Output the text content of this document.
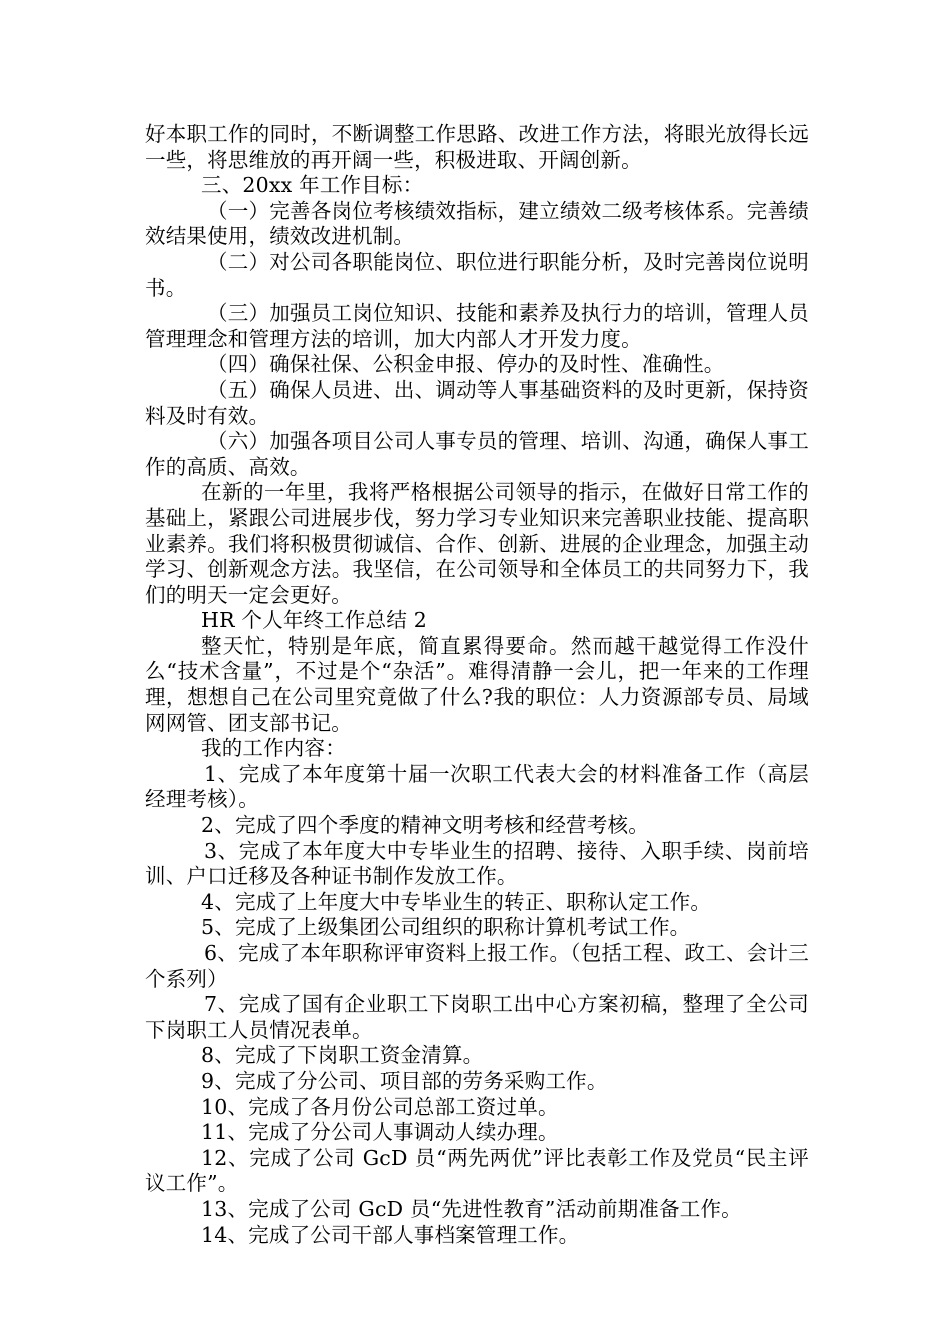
好本职工作的同时，不断调整工作思路、改进工作方法，将眼光放得长远一些，将思维放的再开阔一些，积极进取、开阔创新。

三、20xx 年工作目标：

（一）完善各岗位考核绩效指标，建立绩效二级考核体系。完善绩效结果使用，绩效改进机制。

（二）对公司各职能岗位、职位进行职能分析，及时完善岗位说明书。

（三）加强员工岗位知识、技能和素养及执行力的培训，管理人员管理理念和管理方法的培训，加大内部人才开发力度。

（四）确保社保、公积金申报、停办的及时性、准确性。

（五）确保人员进、出、调动等人事基础资料的及时更新，保持资料及时有效。

（六）加强各项目公司人事专员的管理、培训、沟通，确保人事工作的高质、高效。

在新的一年里，我将严格根据公司领导的指示，在做好日常工作的基础上，紧跟公司进展步伐，努力学习专业知识来完善职业技能、提高职业素养。我们将积极贯彻诚信、合作、创新、进展的企业理念，加强主动学习、创新观念方法。我坚信，在公司领导和全体员工的共同努力下，我们的明天一定会更好。

HR 个人年终工作总结 2

整天忙，特别是年底，简直累得要命。然而越干越觉得工作没什么“技术含量”，不过是个“杂活”。难得清静一会儿，把一年来的工作理理，想想自己在公司里究竟做了什么?我的职位：人力资源部专员、局域网网管、团支部书记。

我的工作内容：

1、完成了本年度第十届一次职工代表大会的材料准备工作（高层经理考核）。

2、完成了四个季度的精神文明考核和经营考核。

3、完成了本年度大中专毕业生的招聘、接待、入职手续、岗前培训、户口迁移及各种证书制作发放工作。

4、完成了上年度大中专毕业生的转正、职称认定工作。

5、完成了上级集团公司组织的职称计算机考试工作。

6、完成了本年职称评审资料上报工作。（包括工程、政工、会计三个系列）

7、完成了国有企业职工下岗职工出中心方案初稿，整理了全公司下岗职工人员情况表单。

8、完成了下岗职工资金清算。

9、完成了分公司、项目部的劳务采购工作。

10、完成了各月份公司总部工资过单。

11、完成了分公司人事调动人续办理。

12、完成了公司 GcD 员“两先两优”评比表彰工作及党员“民主评议工作”。

13、完成了公司 GcD 员“先进性教育”活动前期准备工作。

14、完成了公司干部人事档案管理工作。
